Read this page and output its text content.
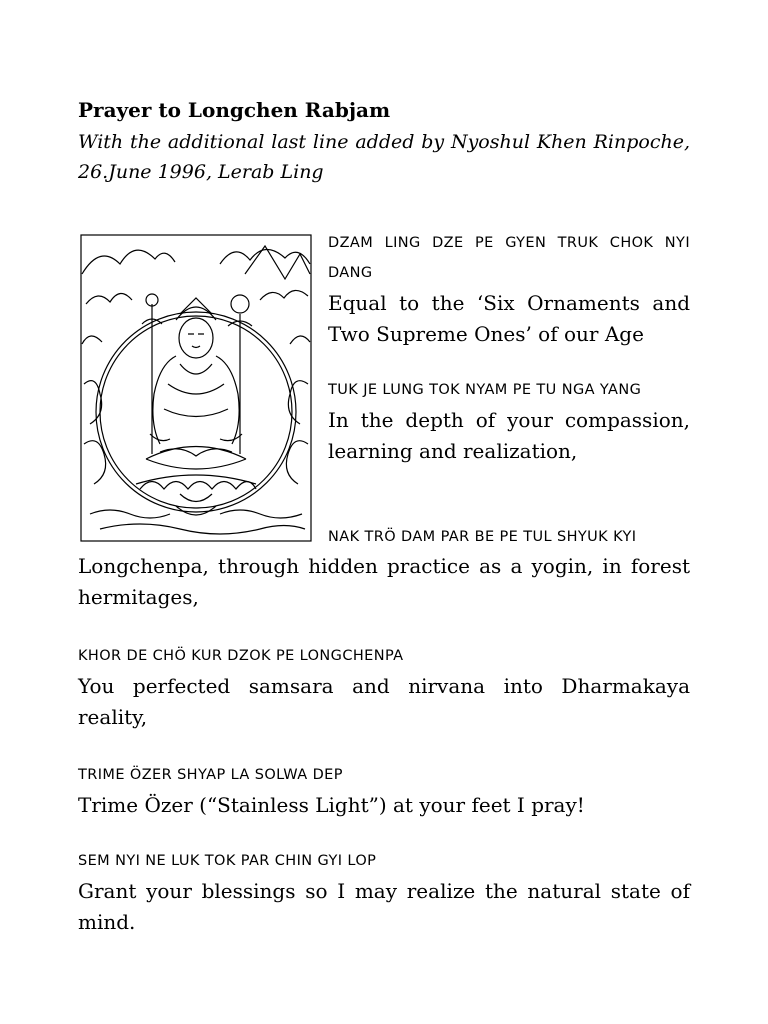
Prayer to Longchen Rabjam

With the additional last line added by Nyoshul Khen Rinpoche, 26.June 1996, Lerab Ling

DZAM LING DZE PE GYEN TRUK CHOK NYI DANG

Equal to the ‘Six Ornaments and Two Supreme Ones’ of our Age

TUK JE LUNG TOK NYAM PE TU NGA YANG

In the depth of your compassion, learning and realization,

NAK TRÖ DAM PAR BE PE TUL SHYUK KYI

Longchenpa, through hidden practice as a yogin, in forest hermitages,

KHOR DE CHÖ KUR DZOK PE LONGCHENPA

You perfected samsara and nirvana into Dharmakaya reality,

TRIME ÖZER SHYAP LA SOLWA DEP

Trime Özer (“Stainless Light”) at your feet I pray!

SEM NYI NE LUK TOK PAR CHIN GYI LOP

Grant your blessings so I may realize the natural state of mind.
